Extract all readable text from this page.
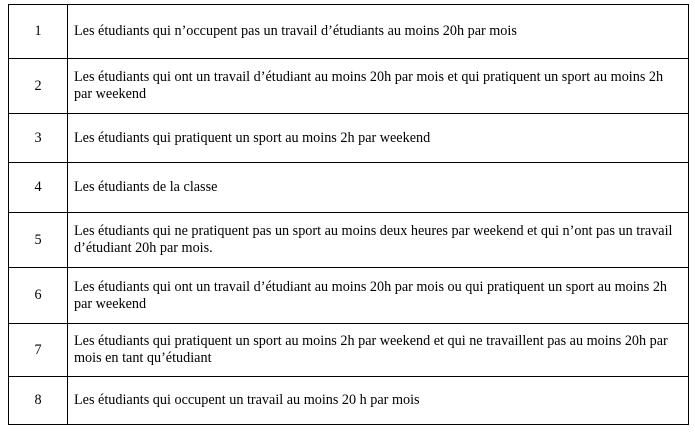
1	Les étudiants qui n’occupent pas un travail d’étudiants au moins 20h par mois
2	Les étudiants qui ont un travail d’étudiant au moins 20h par mois et qui pratiquent un sport au moins 2h par weekend
3	Les étudiants qui pratiquent un sport au moins 2h par weekend
4	Les étudiants de la classe
5	Les étudiants qui ne pratiquent pas un sport au moins deux heures par weekend et qui n’ont pas un travail d’étudiant 20h par mois.
6	Les étudiants qui ont un travail d’étudiant au moins 20h par mois ou qui pratiquent un sport au moins 2h par weekend
7	Les étudiants qui pratiquent un sport au moins 2h par weekend et qui ne travaillent pas au moins 20h par mois en tant qu’étudiant
8	Les étudiants qui occupent un travail au moins 20 h par mois
